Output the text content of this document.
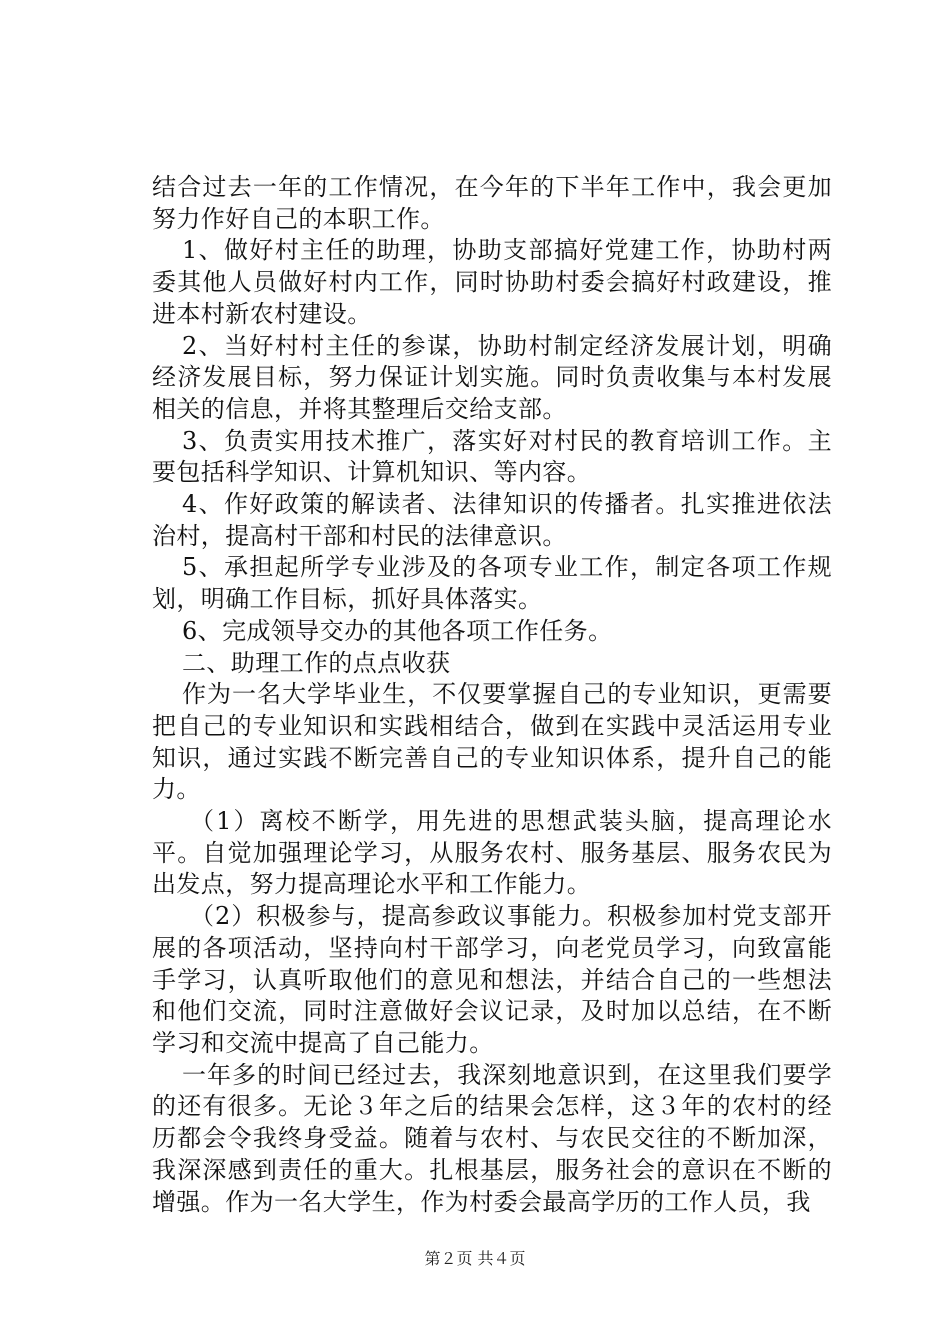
结合过去一年的工作情况，在今年的下半年工作中，我会更加努力作好自己的本职工作。

1、做好村主任的助理，协助支部搞好党建工作，协助村两委其他人员做好村内工作，同时协助村委会搞好村政建设，推进本村新农村建设。

2、当好村村主任的参谋，协助村制定经济发展计划，明确经济发展目标，努力保证计划实施。同时负责收集与本村发展相关的信息，并将其整理后交给支部。

3、负责实用技术推广，落实好对村民的教育培训工作。主要包括科学知识、计算机知识、等内容。

4、作好政策的解读者、法律知识的传播者。扎实推进依法治村，提高村干部和村民的法律意识。

5、承担起所学专业涉及的各项专业工作，制定各项工作规划，明确工作目标，抓好具体落实。

6、完成领导交办的其他各项工作任务。

二、助理工作的点点收获

作为一名大学毕业生，不仅要掌握自己的专业知识，更需要把自己的专业知识和实践相结合，做到在实践中灵活运用专业知识，通过实践不断完善自己的专业知识体系，提升自己的能力。

（1）离校不断学，用先进的思想武装头脑，提高理论水平。自觉加强理论学习，从服务农村、服务基层、服务农民为出发点，努力提高理论水平和工作能力。

（2）积极参与，提高参政议事能力。积极参加村党支部开展的各项活动，坚持向村干部学习，向老党员学习，向致富能手学习，认真听取他们的意见和想法，并结合自己的一些想法和他们交流，同时注意做好会议记录，及时加以总结，在不断学习和交流中提高了自己能力。

一年多的时间已经过去，我深刻地意识到，在这里我们要学的还有很多。无论３年之后的结果会怎样，这３年的农村的经历都会令我终身受益。随着与农村、与农民交往的不断加深，我深深感到责任的重大。扎根基层，服务社会的意识在不断的增强。作为一名大学生，作为村委会最高学历的工作人员，我

第２页 共４页
